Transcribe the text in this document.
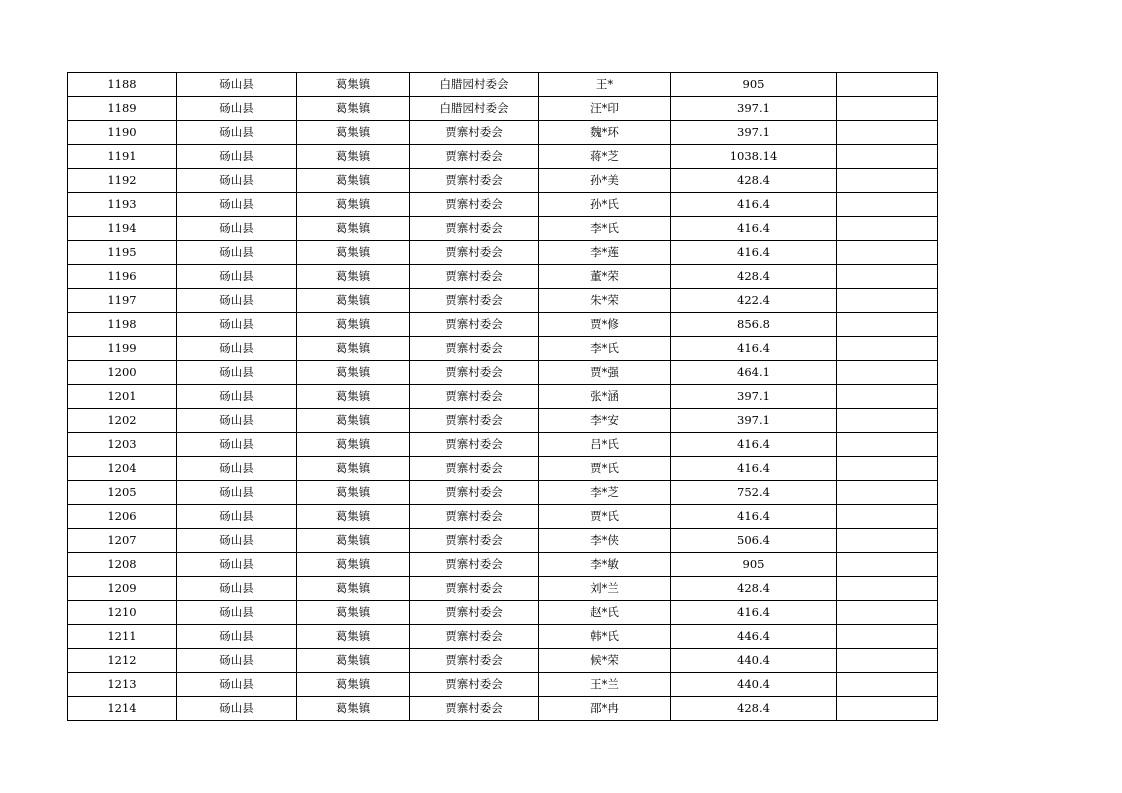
1188	砀山县	葛集镇	白腊园村委会	王*	905	
1189	砀山县	葛集镇	白腊园村委会	汪*印	397.1	
1190	砀山县	葛集镇	贾寨村委会	魏*环	397.1	
1191	砀山县	葛集镇	贾寨村委会	蒋*芝	1038.14	
1192	砀山县	葛集镇	贾寨村委会	孙*美	428.4	
1193	砀山县	葛集镇	贾寨村委会	孙*氏	416.4	
1194	砀山县	葛集镇	贾寨村委会	李*氏	416.4	
1195	砀山县	葛集镇	贾寨村委会	李*莲	416.4	
1196	砀山县	葛集镇	贾寨村委会	董*荣	428.4	
1197	砀山县	葛集镇	贾寨村委会	朱*荣	422.4	
1198	砀山县	葛集镇	贾寨村委会	贾*修	856.8	
1199	砀山县	葛集镇	贾寨村委会	李*氏	416.4	
1200	砀山县	葛集镇	贾寨村委会	贾*强	464.1	
1201	砀山县	葛集镇	贾寨村委会	张*涵	397.1	
1202	砀山县	葛集镇	贾寨村委会	李*安	397.1	
1203	砀山县	葛集镇	贾寨村委会	吕*氏	416.4	
1204	砀山县	葛集镇	贾寨村委会	贾*氏	416.4	
1205	砀山县	葛集镇	贾寨村委会	李*芝	752.4	
1206	砀山县	葛集镇	贾寨村委会	贾*氏	416.4	
1207	砀山县	葛集镇	贾寨村委会	李*侠	506.4	
1208	砀山县	葛集镇	贾寨村委会	李*敏	905	
1209	砀山县	葛集镇	贾寨村委会	刘*兰	428.4	
1210	砀山县	葛集镇	贾寨村委会	赵*氏	416.4	
1211	砀山县	葛集镇	贾寨村委会	韩*氏	446.4	
1212	砀山县	葛集镇	贾寨村委会	候*荣	440.4	
1213	砀山县	葛集镇	贾寨村委会	王*兰	440.4	
1214	砀山县	葛集镇	贾寨村委会	邵*冉	428.4	
